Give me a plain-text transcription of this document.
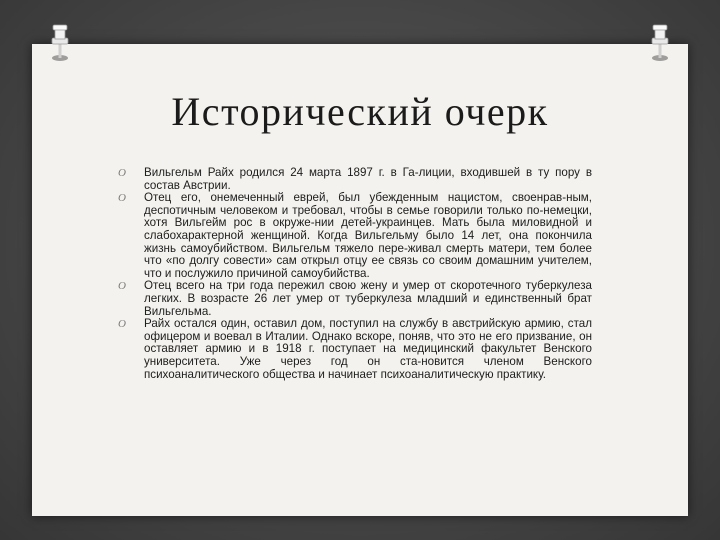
Исторический очерк
O Вильгельм Райх родился 24 марта 1897 г. в Га-лиции, входившей в ту пору в состав Австрии.
O Отец его, онемеченный еврей, был убежденным нацистом, своенрав-ным, деспотичным человеком и требовал, чтобы в семье говорили только по-немецки, хотя Вильгейм рос в окруже-нии детей-украинцев. Мать была миловидной и слабохарактерной женщиной. Когда Вильгельму было 14 лет, она покончила жизнь самоубийством. Вильгельм тяжело пере-живал смерть матери, тем более что «по долгу совести» сам открыл отцу ее связь со своим домашним учителем, что и послужило причиной самоубийства.
O Отец всего на три года пережил свою жену и умер от скоротечного туберкулеза легких. В возрасте 26 лет умер от туберкулеза младший и единственный брат Вильгельма.
O Райх остался один, оставил дом, поступил на службу в австрийскую армию, стал офицером и воевал в Италии. Однако вскоре, поняв, что это не его призвание, он оставляет армию и в 1918 г. поступает на медицинский факультет Венского университета. Уже через год он ста-новится членом Венского психоаналитического общества и начинает психоаналитическую практику.
